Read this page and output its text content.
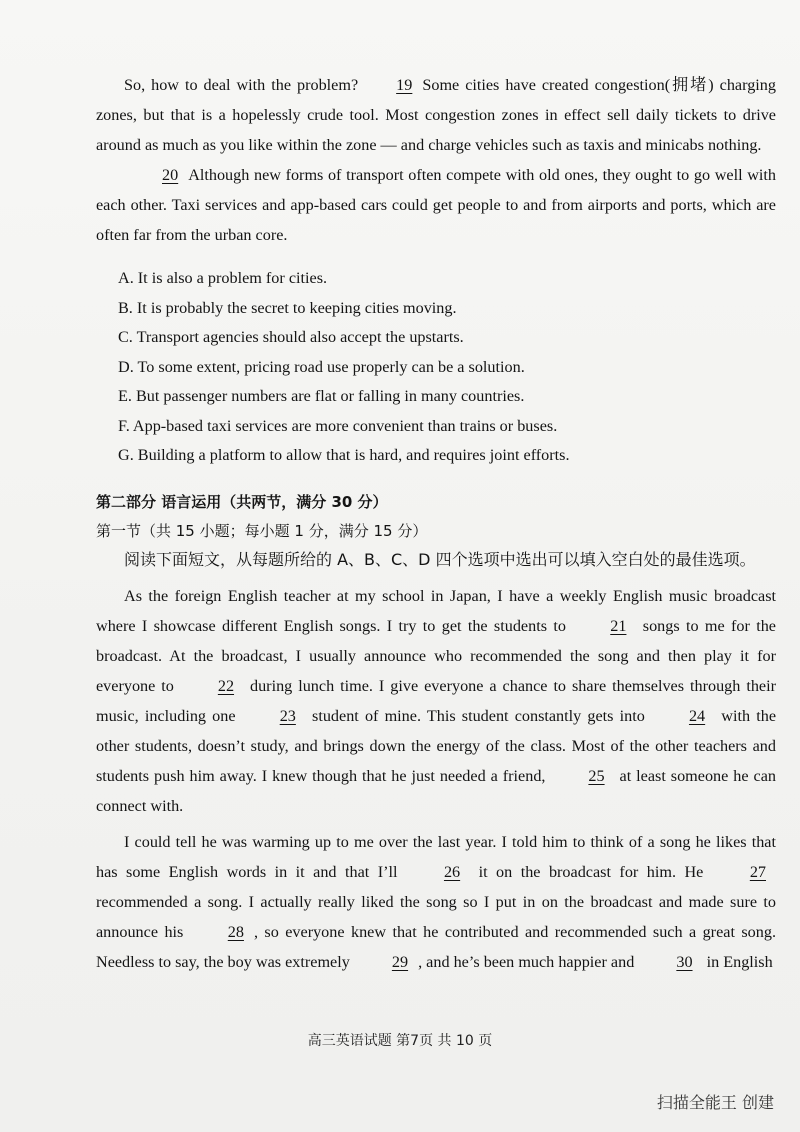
So, how to deal with the problem? 19 Some cities have created congestion(拥堵) charging zones, but that is a hopelessly crude tool. Most congestion zones in effect sell daily tickets to drive around as much as you like within the zone — and charge vehicles such as taxis and minicabs nothing.

20 Although new forms of transport often compete with old ones, they ought to go well with each other. Taxi services and app-based cars could get people to and from airports and ports, which are often far from the urban core.

A. It is also a problem for cities.
B. It is probably the secret to keeping cities moving.
C. Transport agencies should also accept the upstarts.
D. To some extent, pricing road use properly can be a solution.
E. But passenger numbers are flat or falling in many countries.
F. App-based taxi services are more convenient than trains or buses.
G. Building a platform to allow that is hard, and requires joint efforts.
第二部分 语言运用（共两节，满分 30 分）
第一节（共 15 小题；每小题 1 分，满分 15 分）

阅读下面短文，从每题所给的 A、B、C、D 四个选项中选出可以填入空白处的最佳选项。

As the foreign English teacher at my school in Japan, I have a weekly English music broadcast where I showcase different English songs. I try to get the students to 21 songs to me for the broadcast. At the broadcast, I usually announce who recommended the song and then play it for everyone to 22 during lunch time. I give everyone a chance to share themselves through their music, including one 23 student of mine. This student constantly gets into 24 with the other students, doesn’t study, and brings down the energy of the class. Most of the other teachers and students push him away. I knew though that he just needed a friend, 25 at least someone he can connect with.

I could tell he was warming up to me over the last year. I told him to think of a song he likes that has some English words in it and that I’ll 26 it on the broadcast for him. He 27 recommended a song. I actually really liked the song so I put in on the broadcast and made sure to announce his 28 , so everyone knew that he contributed and recommended such a great song. Needless to say, the boy was extremely 29 , and he’s been much happier and 30 in English

高三英语试题 第7页 共 10 页
扫描全能王 创建
